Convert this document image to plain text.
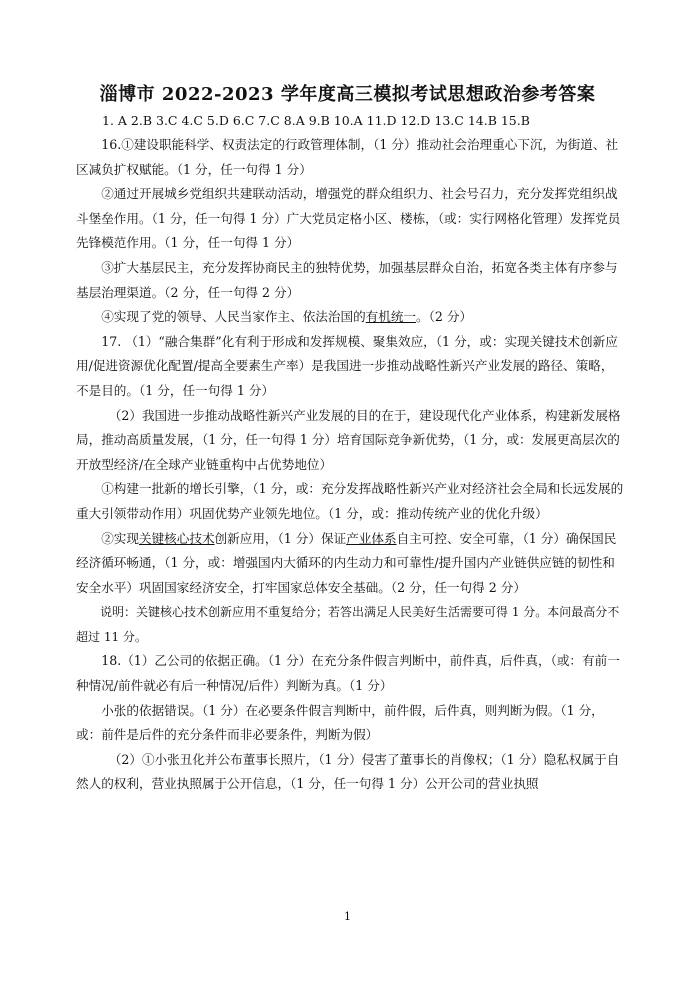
淄博市 2022-2023 学年度高三模拟考试思想政治参考答案
1. A 2.B 3.C 4.C 5.D 6.C 7.C 8.A 9.B 10.A 11.D 12.D 13.C 14.B 15.B

16.①建设职能科学、权责法定的行政管理体制，（1 分）推动社会治理重心下沉，为街道、社区减负扩权赋能。（1 分，任一句得 1 分）

②通过开展城乡党组织共建联动活动，增强党的群众组织力、社会号召力，充分发挥党组织战斗堡垒作用。（1 分，任一句得 1 分）广大党员定格小区、楼栋，（或：实行网格化管理）发挥党员先锋模范作用。（1 分，任一句得 1 分）

③扩大基层民主，充分发挥协商民主的独特优势，加强基层群众自治，拓宽各类主体有序参与基层治理渠道。（2 分，任一句得 2 分）

④实现了党的领导、人民当家作主、依法治国的有机统一。（2 分）

17. （1）“融合集群”化有利于形成和发挥规模、聚集效应，（1 分，或：实现关键技术创新应用/促进资源优化配置/提高全要素生产率）是我国进一步推动战略性新兴产业发展的路径、策略，不是目的。（1 分，任一句得 1 分）

（2）我国进一步推动战略性新兴产业发展的目的在于，建设现代化产业体系，构建新发展格局，推动高质量发展，（1 分，任一句得 1 分）培育国际竞争新优势，（1 分，或：发展更高层次的开放型经济/在全球产业链重构中占优势地位）

①构建一批新的增长引擎，（1 分，或：充分发挥战略性新兴产业对经济社会全局和长远发展的重大引领带动作用）巩固优势产业领先地位。（1 分，或：推动传统产业的优化升级）

②实现关键核心技术创新应用，（1 分）保证产业体系自主可控、安全可靠，（1 分）确保国民经济循环畅通，（1 分，或：增强国内大循环的内生动力和可靠性/提升国内产业链供应链的韧性和安全水平）巩固国家经济安全，打牢国家总体安全基础。（2 分，任一句得 2 分）

说明：关键核心技术创新应用不重复给分；若答出满足人民美好生活需要可得 1 分。本问最高分不超过 11 分。

18.（1）乙公司的依据正确。（1 分）在充分条件假言判断中，前件真，后件真，（或：有前一种情况/前件就必有后一种情况/后件）判断为真。（1 分）

小张的依据错误。（1 分）在必要条件假言判断中，前件假，后件真，则判断为假。（1 分，或：前件是后件的充分条件而非必要条件，判断为假）

（2）①小张丑化并公布董事长照片，（1 分）侵害了董事长的肖像权；（1 分）隐私权属于自然人的权利，营业执照属于公开信息，（1 分，任一句得 1 分）公开公司的营业执照

1
